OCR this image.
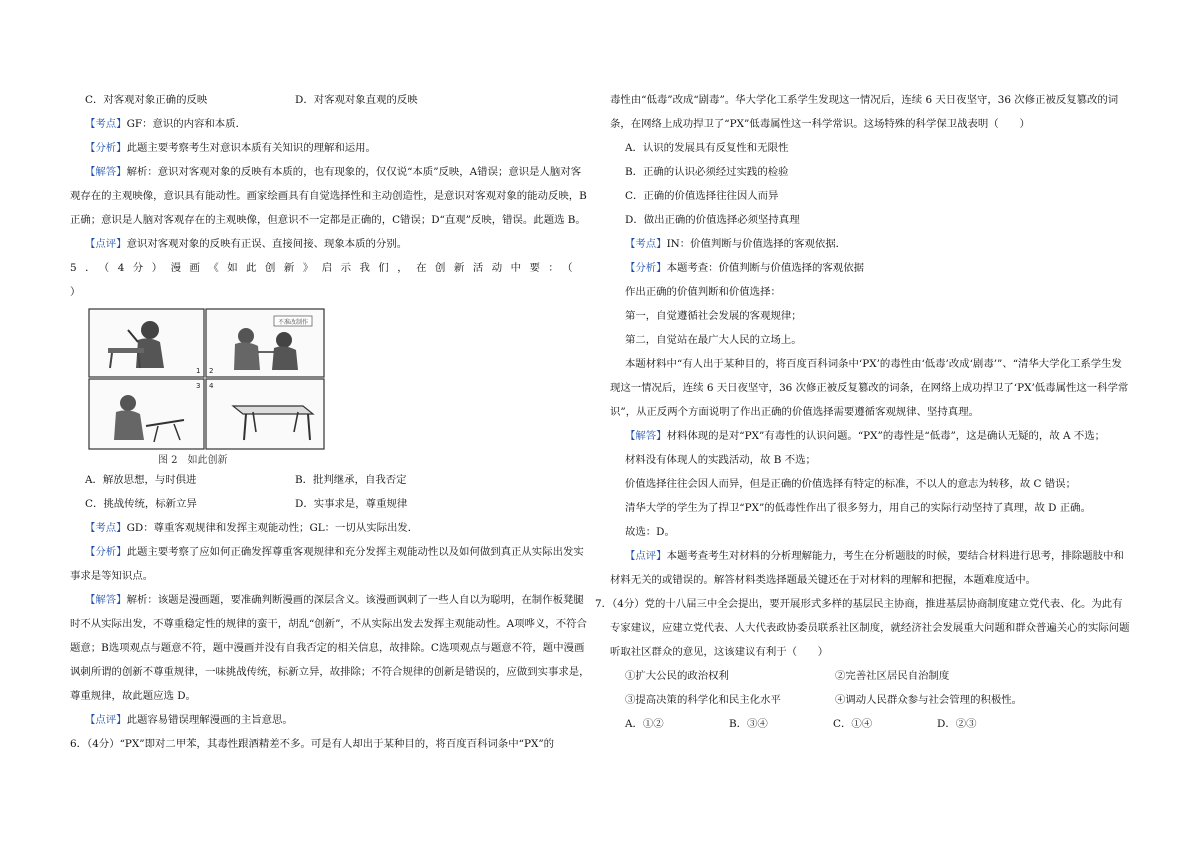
C．对客观对象正确的反映	D．对客观对象直观的反映
【考点】GF：意识的内容和本质．
【分析】此题主要考察考生对意识本质有关知识的理解和运用。
【解答】解析：意识对客观对象的反映有本质的，也有现象的，仅仅说“本质”反映，A错误；意识是人脑对客观存在的主观映像，意识具有能动性。画家绘画具有自觉选择性和主动创造性，是意识对客观对象的能动反映，B正确；意识是人脑对客观存在的主观映像，但意识不一定都是正确的，C错误；D“直观”反映，错误。此题选 B。
【点评】意识对客观对象的反映有正误、直接间接、现象本质的分别。
5．（4分）漫画《如此创新》启示我们，在创新活动中要：（　　）
不准改制作
1 2
3 4
图 2　如此创新
A．解放思想，与时俱进	B．批判继承，自我否定
C．挑战传统，标新立异	D．实事求是，尊重规律
【考点】GD：尊重客观规律和发挥主观能动性；GL：一切从实际出发．
【分析】此题主要考察了应如何正确发挥尊重客观规律和充分发挥主观能动性以及如何做到真正从实际出发实事求是等知识点。
【解答】解析：该题是漫画题，要准确判断漫画的深层含义。该漫画讽刺了一些人自以为聪明，在制作板凳腿时不从实际出发，不尊重稳定性的规律的蛮干，胡乱“创新”，不从实际出发去发挥主观能动性。A项哗义，不符合题意；B选项观点与题意不符，题中漫画并没有自我否定的相关信息，故排除。C选项观点与题意不符，题中漫画讽刺所谓的创新不尊重规律，一味挑战传统，标新立异，故排除；不符合规律的创新是错误的，应做到实事求是，尊重规律，故此题应选 D。
【点评】此题容易错误理解漫画的主旨意思。
6．（4分）“PX”即对二甲苯，其毒性跟酒精差不多。可是有人却出于某种目的，将百度百科词条中“PX”的
毒性由“低毒”改成“剧毒”。华大学化工系学生发现这一情况后，连续 6 天日夜坚守，36 次修正被反复篡改的词条，在网络上成功捍卫了“PX”低毒属性这一科学常识。这场特殊的科学保卫战表明（　　）
A．认识的发展具有反复性和无限性
B．正确的认识必须经过实践的检验
C．正确的价值选择往往因人而异
D．做出正确的价值选择必须坚持真理
【考点】IN：价值判断与价值选择的客观依据．
【分析】本题考查：价值判断与价值选择的客观依据
作出正确的价值判断和价值选择：
第一，自觉遵循社会发展的客观规律；
第二，自觉站在最广大人民的立场上。
本题材料中“有人出于某种目的，将百度百科词条中‘PX’的毒性由‘低毒’改成‘剧毒’”、“清华大学化工系学生发现这一情况后，连续 6 天日夜坚守，36 次修正被反复篡改的词条，在网络上成功捍卫了‘PX’低毒属性这一科学常识”，从正反两个方面说明了作出正确的价值选择需要遵循客观规律、坚持真理。
【解答】材料体现的是对“PX”有毒性的认识问题。“PX”的毒性是“低毒”，这是确认无疑的，故 A 不选；
材料没有体现人的实践活动，故 B 不选；
价值选择往往会因人而异，但是正确的价值选择有特定的标准，不以人的意志为转移，故 C 错误；
清华大学的学生为了捍卫“PX”的低毒性作出了很多努力，用自己的实际行动坚持了真理，故 D 正确。
故选：D。
【点评】本题考查考生对材料的分析理解能力，考生在分析题肢的时候，要结合材料进行思考，排除题肢中和材料无关的或错误的。解答材料类选择题最关键还在于对材料的理解和把握，本题难度适中。
7．（4分）党的十八届三中全会提出，要开展形式多样的基层民主协商，推进基层协商制度建立党代表、化。为此有专家建议，应建立党代表、人大代表政协委员联系社区制度，就经济社会发展重大问题和群众普遍关心的实际问题听取社区群众的意见，这该建议有利于（　　）
①扩大公民的政治权利	②完善社区居民自治制度
③提高决策的科学化和民主化水平	④调动人民群众参与社会管理的积极性。
A．①②	B．③④	C．①④	D．②③
